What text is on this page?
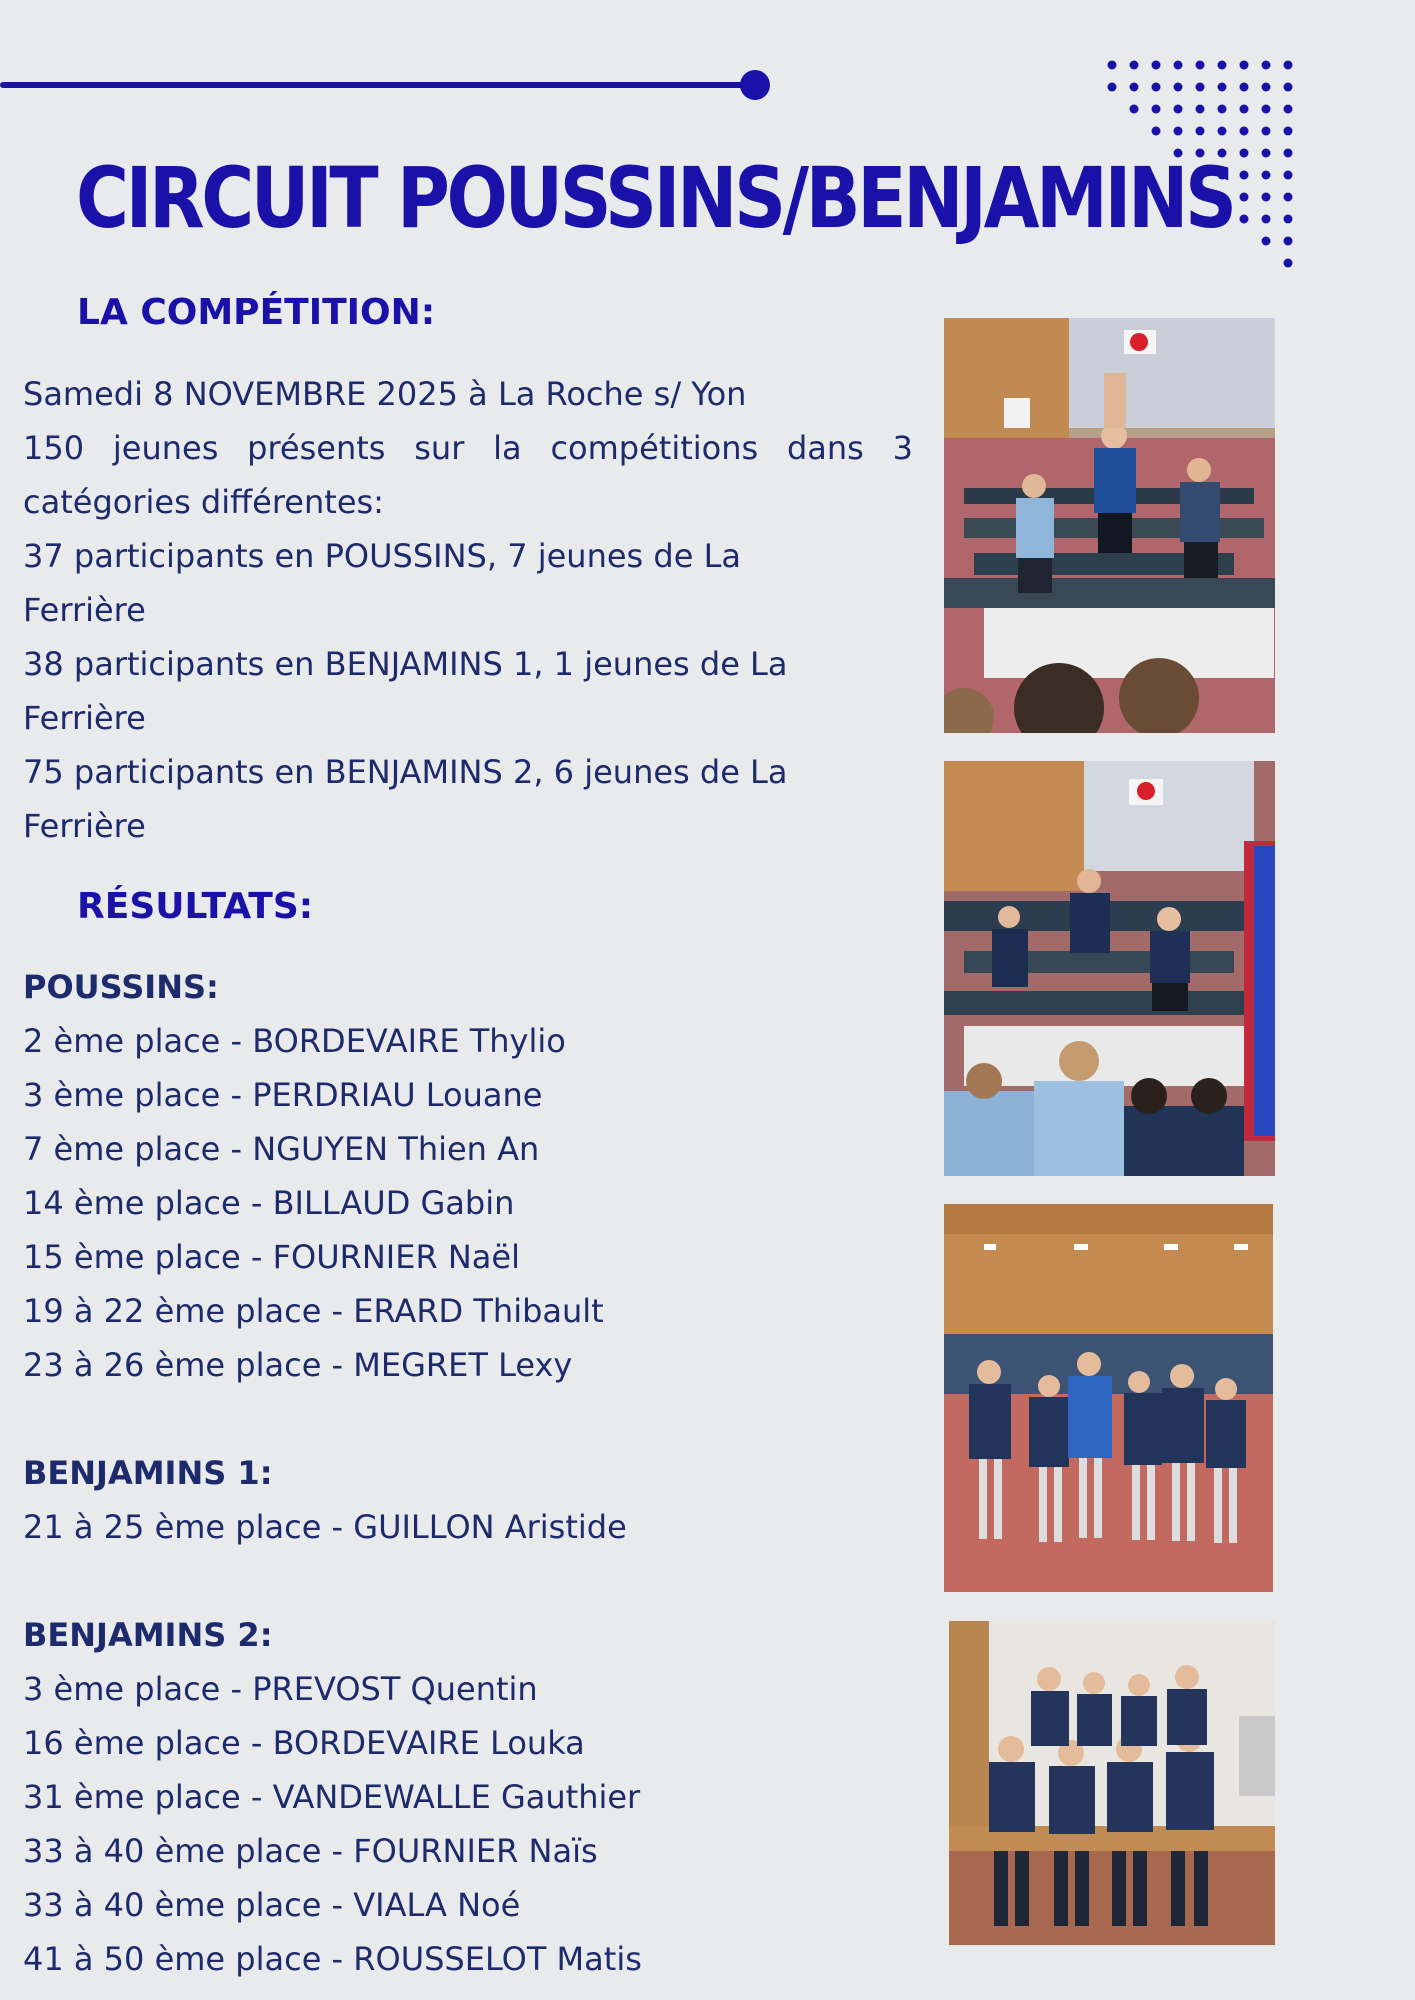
CIRCUIT POUSSINS/BENJAMINS
LA COMPÉTITION:
Samedi 8 NOVEMBRE 2025 à La Roche s/ Yon
150 jeunes présents sur la compétitions dans 3 catégories différentes:
37 participants en POUSSINS, 7 jeunes de La
Ferrière
38 participants en BENJAMINS 1, 1 jeunes de La
Ferrière
75 participants en BENJAMINS 2, 6 jeunes de La
Ferrière
RÉSULTATS:
POUSSINS:
2 ème place - BORDEVAIRE Thylio
3 ème place - PERDRIAU Louane
7 ème place - NGUYEN Thien An
14 ème place - BILLAUD Gabin
15 ème place - FOURNIER Naël
19 à 22 ème place - ERARD Thibault
23 à 26 ème place - MEGRET Lexy
BENJAMINS 1:
21 à 25 ème place - GUILLON Aristide
BENJAMINS 2:
3 ème place - PREVOST Quentin
16 ème place - BORDEVAIRE Louka
31 ème place - VANDEWALLE Gauthier
33 à 40 ème place - FOURNIER Naïs
33 à 40 ème place - VIALA Noé
41 à 50 ème place - ROUSSELOT Matis
